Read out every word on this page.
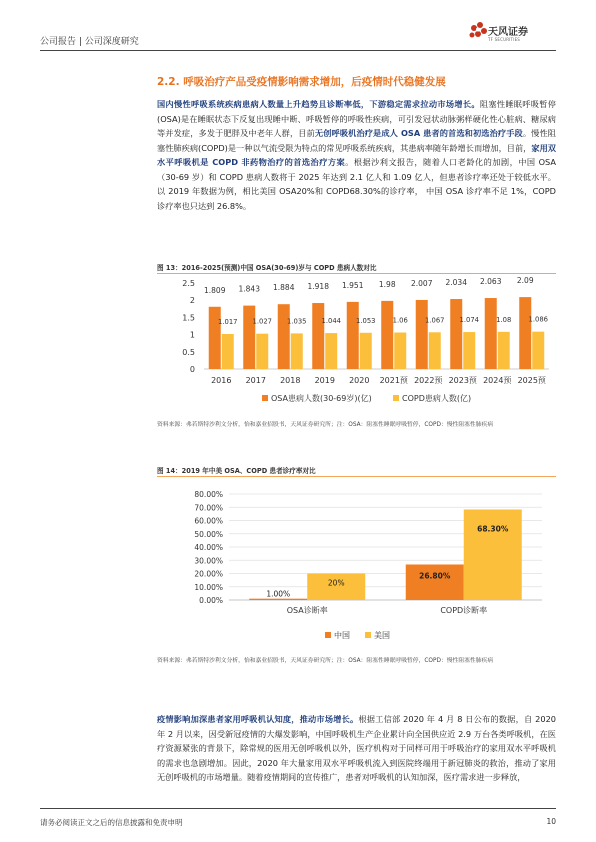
公司报告 | 公司深度研究
天风证券
TF SECURITIES
2.2. 呼吸治疗产品受疫情影响需求增加，后疫情时代稳健发展
国内慢性呼吸系统疾病患病人数量上升趋势且诊断率低，下游稳定需求拉动市场增长。阻塞性睡眠呼吸暂停(OSA)是在睡眠状态下反复出现睡中断、呼吸暂停的呼吸性疾病，可引发冠状动脉粥样硬化性心脏病、糖尿病等并发症，多发于肥胖及中老年人群，目前无创呼吸机治疗是成人 OSA 患者的首选和初选治疗手段。慢性阻塞性肺疾病(COPD)是一种以气流受限为特点的常见呼吸系统疾病，其患病率随年龄增长而增加，目前，家用双水平呼吸机是 COPD 非药物治疗的首选治疗方案。根据沙利文报告，随着人口老龄化的加剧，中国 OSA（30-69 岁）和 COPD 患病人数将于 2025 年达到 2.1 亿人和 1.09 亿人，但患者诊疗率还处于较低水平。以 2019 年数据为例，相比美国 OSA20%和 COPD68.30%的诊疗率， 中国 OSA 诊疗率不足 1%，COPD 诊疗率也只达到 26.8%。
图 13：2016-2025(预测)中国 OSA(30-69)岁与 COPD 患病人数对比
0
0.5
1
1.5
2
2.5
1.809
1.017
2016
1.843
1.027
2017
1.884
1.035
2018
1.918
1.044
2019
1.951
1.053
2020
1.98
1.06
2021预
2.007
1.067
2022预
2.034
1.074
2023预
2.063
1.08
2024预
2.09
1.086
2025预
OSA患病人数(30-69岁)(亿)	COPD患病人数(亿)
资料来源：弗若斯特沙利文分析，怡和嘉业招股书，天风证券研究所；注：OSA：阻塞性睡眠呼吸暂停，COPD：慢性阻塞性肺疾病
图 14：2019 年中美 OSA、COPD 患者诊疗率对比
0.00%
10.00%
20.00%
30.00%
40.00%
50.00%
60.00%
70.00%
80.00%
1.00%
20%
OSA诊断率
26.80%
68.30%
COPD诊断率
中国	美国
资料来源：弗若斯特沙利文分析，怡和嘉业招股书，天风证券研究所；注：OSA：阻塞性睡眠呼吸暂停，COPD：慢性阻塞性肺疾病
疫情影响加深患者家用呼吸机认知度，推动市场增长。根据工信部 2020 年 4 月 8 日公布的数据，自 2020 年 2 月以来，因受新冠疫情的大爆发影响，中国呼吸机生产企业累计向全国供应近 2.9 万台各类呼吸机，在医疗资源紧张的背景下，除常规的医用无创呼吸机以外，医疗机构对于同样可用于呼吸治疗的家用双水平呼吸机的需求也急剧增加。因此，2020 年大量家用双水平呼吸机流入到医院终端用于新冠肺炎的救治，推动了家用无创呼吸机的市场增量。随着疫情期间的宣传推广，患者对呼吸机的认知加深，医疗需求进一步释放，
请务必阅读正文之后的信息披露和免责申明	10
